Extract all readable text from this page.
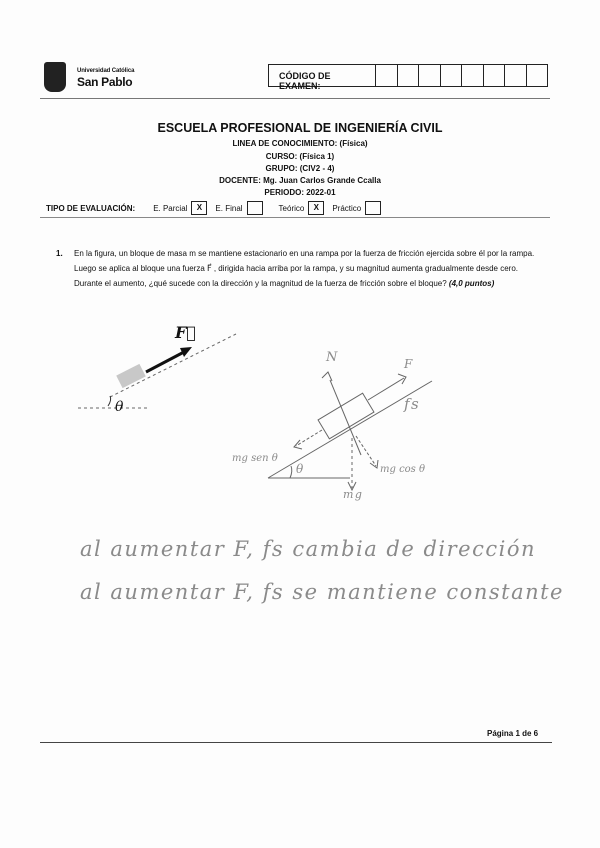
Universidad Católica
San Pablo	CÓDIGO DE EXAMEN:
ESCUELA PROFESIONAL DE INGENIERÍA CIVIL
LINEA DE CONOCIMIENTO: (Física)
CURSO: (Física 1)
GRUPO: (CIV2 - 4)
DOCENTE: Mg. Juan Carlos Grande Ccalla
PERIODO: 2022-01
TIPO DE EVALUACIÓN: E. Parcial	X	E. Final	Teórico	X	Práctico
1. En la figura, un bloque de masa m se mantiene estacionario en una rampa por la fuerza de fricción ejercida sobre él por la rampa. Luego se aplica al bloque una fuerza F⃗ , dirigida hacia arriba por la rampa, y su magnitud aumenta gradualmente desde cero. Durante el aumento, ¿qué sucede con la dirección y la magnitud de la fuerza de fricción sobre el bloque? (4,0 puntos)
F⃗
θ
N	F
fs
mg sen θ
mg cos θ
mg
θ
al aumentar F, fs cambia de dirección
al aumentar F, fs se mantiene constante
Página 1 de 6
